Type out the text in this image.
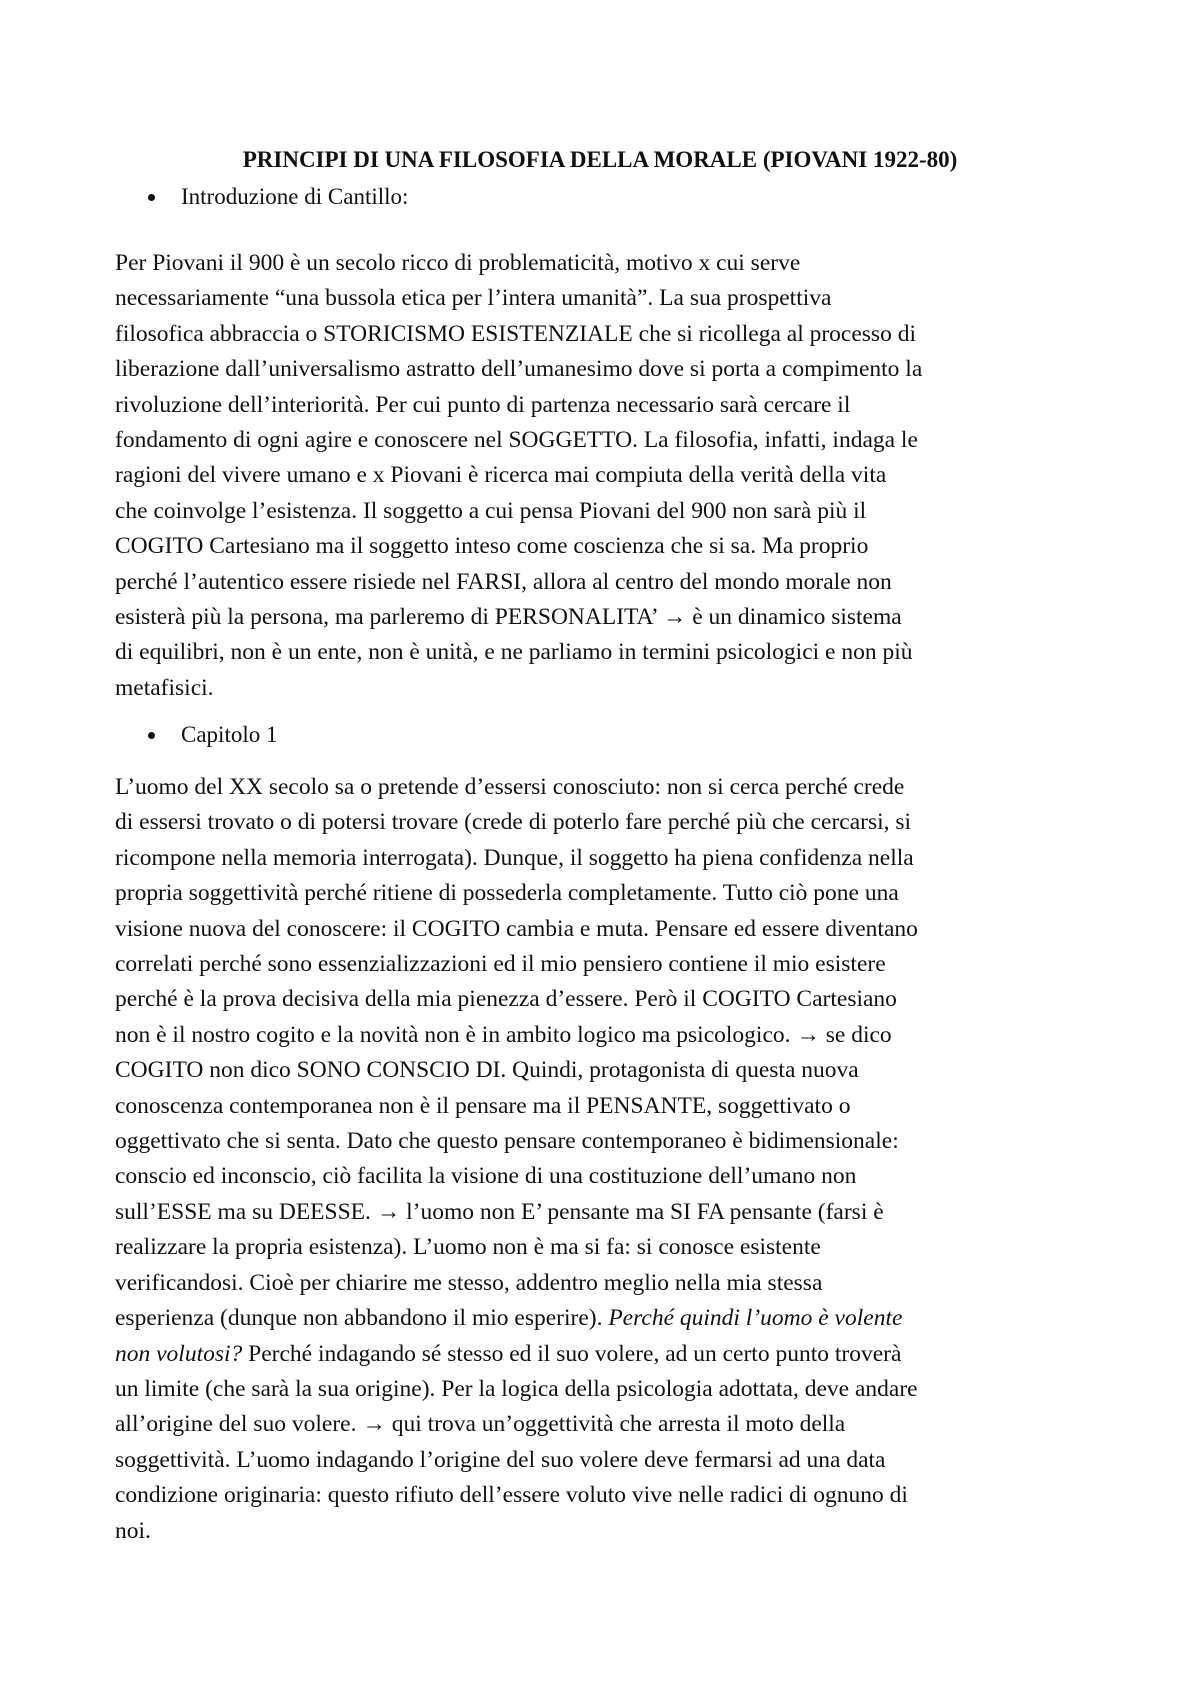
PRINCIPI DI UNA FILOSOFIA DELLA MORALE (PIOVANI 1922-80)
Introduzione di Cantillo:
Per Piovani il 900 è un secolo ricco di problematicità, motivo x cui serve
necessariamente “una bussola etica per l’intera umanità”. La sua prospettiva
filosofica abbraccia o STORICISMO ESISTENZIALE che si ricollega al processo di
liberazione dall’universalismo astratto dell’umanesimo dove si porta a compimento la
rivoluzione dell’interiorità. Per cui punto di partenza necessario sarà cercare il
fondamento di ogni agire e conoscere nel SOGGETTO. La filosofia, infatti, indaga le
ragioni del vivere umano e x Piovani è ricerca mai compiuta della verità della vita
che coinvolge l’esistenza. Il soggetto a cui pensa Piovani del 900 non sarà più il
COGITO Cartesiano ma il soggetto inteso come coscienza che si sa. Ma proprio
perché l’autentico essere risiede nel FARSI, allora al centro del mondo morale non
esisterà più la persona, ma parleremo di PERSONALITA’ → è un dinamico sistema
di equilibri, non è un ente, non è unità, e ne parliamo in termini psicologici e non più
metafisici.
Capitolo 1
L’uomo del XX secolo sa o pretende d’essersi conosciuto: non si cerca perché crede
di essersi trovato o di potersi trovare (crede di poterlo fare perché più che cercarsi, si
ricompone nella memoria interrogata). Dunque, il soggetto ha piena confidenza nella
propria soggettività perché ritiene di possederla completamente. Tutto ciò pone una
visione nuova del conoscere: il COGITO cambia e muta. Pensare ed essere diventano
correlati perché sono essenzializzazioni ed il mio pensiero contiene il mio esistere
perché è la prova decisiva della mia pienezza d’essere. Però il COGITO Cartesiano
non è il nostro cogito e la novità non è in ambito logico ma psicologico. → se dico
COGITO non dico SONO CONSCIO DI. Quindi, protagonista di questa nuova
conoscenza contemporanea non è il pensare ma il PENSANTE, soggettivato o
oggettivato che si senta. Dato che questo pensare contemporaneo è bidimensionale:
conscio ed inconscio, ciò facilita la visione di una costituzione dell’umano non
sull’ESSE ma su DEESSE. → l’uomo non E’ pensante ma SI FA pensante (farsi è
realizzare la propria esistenza). L’uomo non è ma si fa: si conosce esistente
verificandosi. Cioè per chiarire me stesso, addentro meglio nella mia stessa
esperienza (dunque non abbandono il mio esperire). Perché quindi l’uomo è volente
non volutosi? Perché indagando sé stesso ed il suo volere, ad un certo punto troverà
un limite (che sarà la sua origine). Per la logica della psicologia adottata, deve andare
all’origine del suo volere. → qui trova un’oggettività che arresta il moto della
soggettività. L’uomo indagando l’origine del suo volere deve fermarsi ad una data
condizione originaria: questo rifiuto dell’essere voluto vive nelle radici di ognuno di
noi.
